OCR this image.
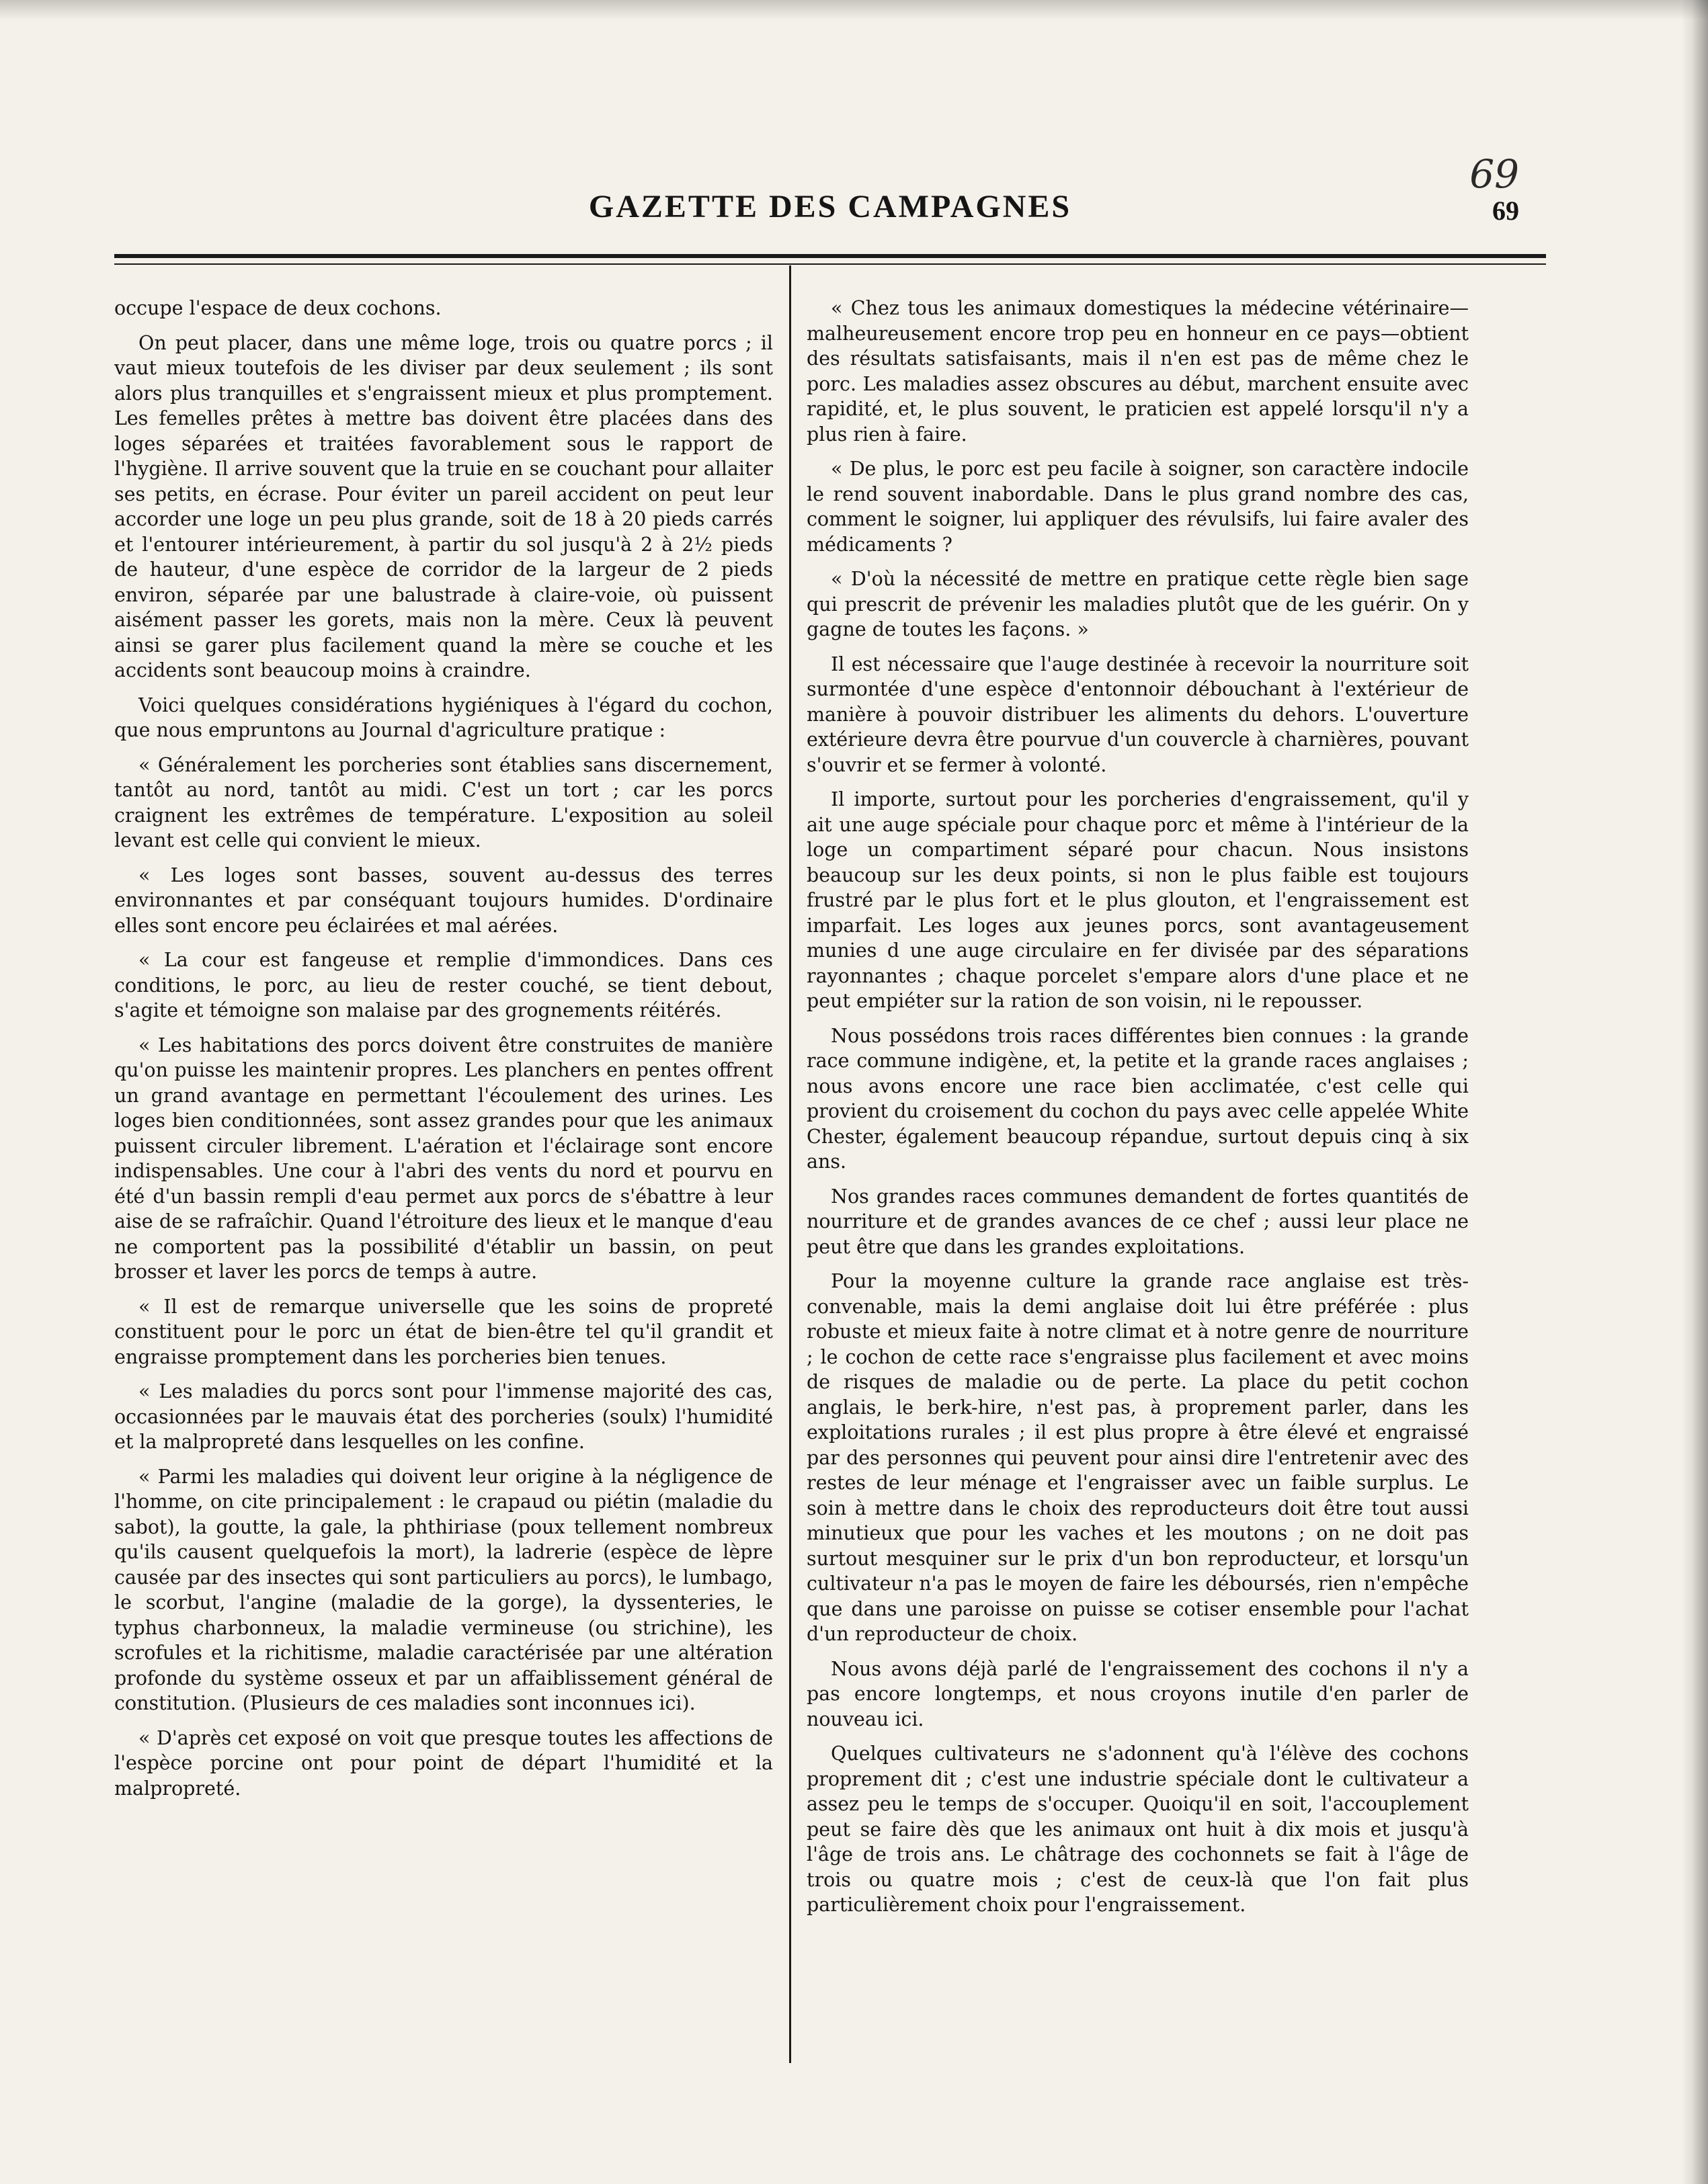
GAZETTE DES CAMPAGNES
69
69

occupe l'espace de deux cochons.

On peut placer, dans une même loge, trois ou quatre porcs ; il vaut mieux toutefois de les diviser par deux seulement ; ils sont alors plus tranquilles et s'engraissent mieux et plus promptement. Les femelles prêtes à mettre bas doivent être placées dans des loges séparées et traitées favorablement sous le rapport de l'hygiène. Il arrive souvent que la truie en se couchant pour allaiter ses petits, en écrase. Pour éviter un pareil accident on peut leur accorder une loge un peu plus grande, soit de 18 à 20 pieds carrés et l'entourer intérieurement, à partir du sol jusqu'à 2 à 2½ pieds de hauteur, d'une espèce de corridor de la largeur de 2 pieds environ, séparée par une balustrade à claire-voie, où puissent aisément passer les gorets, mais non la mère. Ceux là peuvent ainsi se garer plus facilement quand la mère se couche et les accidents sont beaucoup moins à craindre.

Voici quelques considérations hygiéniques à l'égard du cochon, que nous empruntons au Journal d'agriculture pratique :

« Généralement les porcheries sont établies sans discernement, tantôt au nord, tantôt au midi. C'est un tort ; car les porcs craignent les extrêmes de température. L'exposition au soleil levant est celle qui convient le mieux.

« Les loges sont basses, souvent au-dessus des terres environnantes et par conséquant toujours humides. D'ordinaire elles sont encore peu éclairées et mal aérées.

« La cour est fangeuse et remplie d'immondices. Dans ces conditions, le porc, au lieu de rester couché, se tient debout, s'agite et témoigne son malaise par des grognements réitérés.

« Les habitations des porcs doivent être construites de manière qu'on puisse les maintenir propres. Les planchers en pentes offrent un grand avantage en permettant l'écoulement des urines. Les loges bien conditionnées, sont assez grandes pour que les animaux puissent circuler librement. L'aération et l'éclairage sont encore indispensables. Une cour à l'abri des vents du nord et pourvu en été d'un bassin rempli d'eau permet aux porcs de s'ébattre à leur aise de se rafraîchir. Quand l'étroiture des lieux et le manque d'eau ne comportent pas la possibilité d'établir un bassin, on peut brosser et laver les porcs de temps à autre.

« Il est de remarque universelle que les soins de propreté constituent pour le porc un état de bien-être tel qu'il grandit et engraisse promptement dans les porcheries bien tenues.

« Les maladies du porcs sont pour l'immense majorité des cas, occasionnées par le mauvais état des porcheries (soulx) l'humidité et la malpropreté dans lesquelles on les confine.

« Parmi les maladies qui doivent leur origine à la négligence de l'homme, on cite principalement : le crapaud ou piétin (maladie du sabot), la goutte, la gale, la phthiriase (poux tellement nombreux qu'ils causent quelquefois la mort), la ladrerie (espèce de lèpre causée par des insectes qui sont particuliers au porcs), le lumbago, le scorbut, l'angine (maladie de la gorge), la dyssenteries, le typhus charbonneux, la maladie vermineuse (ou strichine), les scrofules et la richitisme, maladie caractérisée par une altération profonde du système osseux et par un affaiblissement général de constitution. (Plusieurs de ces maladies sont inconnues ici).

« D'après cet exposé on voit que presque toutes les affections de l'espèce porcine ont pour point de départ l'humidité et la malpropreté.

« Chez tous les animaux domestiques la médecine vétérinaire—malheureusement encore trop peu en honneur en ce pays—obtient des résultats satisfaisants, mais il n'en est pas de même chez le porc. Les maladies assez obscures au début, marchent ensuite avec rapidité, et, le plus souvent, le praticien est appelé lorsqu'il n'y a plus rien à faire.

« De plus, le porc est peu facile à soigner, son caractère indocile le rend souvent inabordable. Dans le plus grand nombre des cas, comment le soigner, lui appliquer des révulsifs, lui faire avaler des médicaments ?

« D'où la nécessité de mettre en pratique cette règle bien sage qui prescrit de prévenir les maladies plutôt que de les guérir. On y gagne de toutes les façons. »

Il est nécessaire que l'auge destinée à recevoir la nourriture soit surmontée d'une espèce d'entonnoir débouchant à l'extérieur de manière à pouvoir distribuer les aliments du dehors. L'ouverture extérieure devra être pourvue d'un couvercle à charnières, pouvant s'ouvrir et se fermer à volonté.

Il importe, surtout pour les porcheries d'engraissement, qu'il y ait une auge spéciale pour chaque porc et même à l'intérieur de la loge un compartiment séparé pour chacun. Nous insistons beaucoup sur les deux points, si non le plus faible est toujours frustré par le plus fort et le plus glouton, et l'engraissement est imparfait. Les loges aux jeunes porcs, sont avantageusement munies d une auge circulaire en fer divisée par des séparations rayonnantes ; chaque porcelet s'empare alors d'une place et ne peut empiéter sur la ration de son voisin, ni le repousser.

Nous possédons trois races différentes bien connues : la grande race commune indigène, et, la petite et la grande races anglaises ; nous avons encore une race bien acclimatée, c'est celle qui provient du croisement du cochon du pays avec celle appelée White Chester, également beaucoup répandue, surtout depuis cinq à six ans.

Nos grandes races communes demandent de fortes quantités de nourriture et de grandes avances de ce chef ; aussi leur place ne peut être que dans les grandes exploitations.

Pour la moyenne culture la grande race anglaise est très-convenable, mais la demi anglaise doit lui être préférée : plus robuste et mieux faite à notre climat et à notre genre de nourriture ; le cochon de cette race s'engraisse plus facilement et avec moins de risques de maladie ou de perte. La place du petit cochon anglais, le berk-hire, n'est pas, à proprement parler, dans les exploitations rurales ; il est plus propre à être élevé et engraissé par des personnes qui peuvent pour ainsi dire l'entretenir avec des restes de leur ménage et l'engraisser avec un faible surplus. Le soin à mettre dans le choix des reproducteurs doit être tout aussi minutieux que pour les vaches et les moutons ; on ne doit pas surtout mesquiner sur le prix d'un bon reproducteur, et lorsqu'un cultivateur n'a pas le moyen de faire les déboursés, rien n'empêche que dans une paroisse on puisse se cotiser ensemble pour l'achat d'un reproducteur de choix.

Nous avons déjà parlé de l'engraissement des cochons il n'y a pas encore longtemps, et nous croyons inutile d'en parler de nouveau ici.

Quelques cultivateurs ne s'adonnent qu'à l'élève des cochons proprement dit ; c'est une industrie spéciale dont le cultivateur a assez peu le temps de s'occuper. Quoiqu'il en soit, l'accouplement peut se faire dès que les animaux ont huit à dix mois et jusqu'à l'âge de trois ans. Le châtrage des cochonnets se fait à l'âge de trois ou quatre mois ; c'est de ceux-là que l'on fait plus particulièrement choix pour l'engraissement.
